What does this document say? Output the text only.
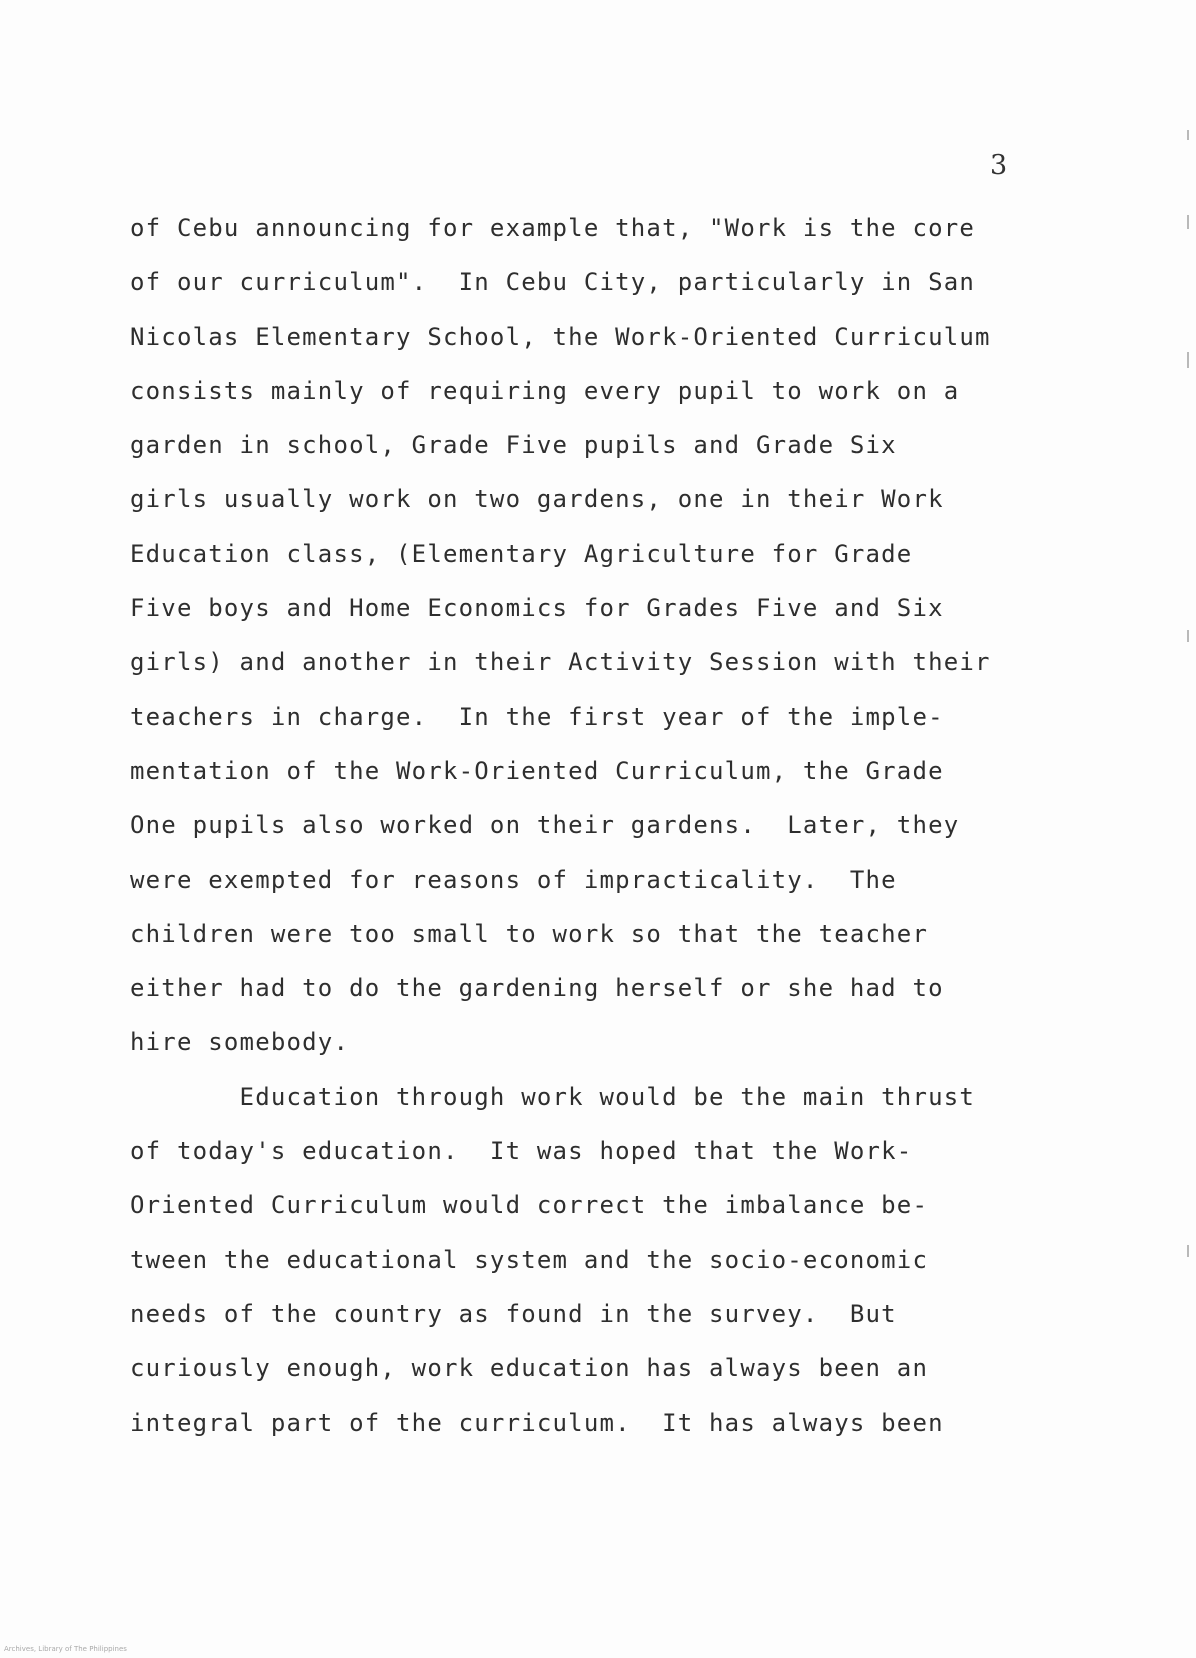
3
of Cebu announcing for example that, "Work is the core
of our curriculum".  In Cebu City, particularly in San
Nicolas Elementary School, the Work-Oriented Curriculum
consists mainly of requiring every pupil to work on a
garden in school, Grade Five pupils and Grade Six
girls usually work on two gardens, one in their Work
Education class, (Elementary Agriculture for Grade
Five boys and Home Economics for Grades Five and Six
girls) and another in their Activity Session with their
teachers in charge.  In the first year of the imple-
mentation of the Work-Oriented Curriculum, the Grade
One pupils also worked on their gardens.  Later, they
were exempted for reasons of impracticality.  The
children were too small to work so that the teacher
either had to do the gardening herself or she had to
hire somebody.
Education through work would be the main thrust
of today's education.  It was hoped that the Work-
Oriented Curriculum would correct the imbalance be-
tween the educational system and the socio-economic
needs of the country as found in the survey.  But
curiously enough, work education has always been an
integral part of the curriculum.  It has always been
Archives, Library of The Philippines
